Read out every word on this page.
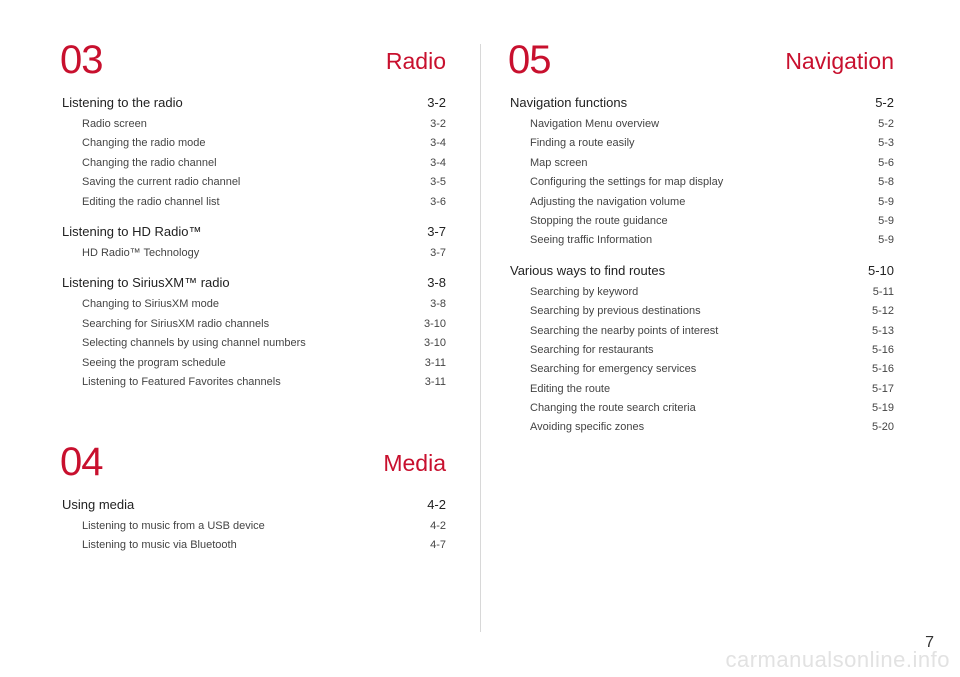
03	Radio
Listening to the radio	3-2
Radio screen	3-2
Changing the radio mode	3-4
Changing the radio channel	3-4
Saving the current radio channel	3-5
Editing the radio channel list	3-6
Listening to HD Radio™	3-7
HD Radio™ Technology	3-7
Listening to SiriusXM™ radio	3-8
Changing to SiriusXM mode	3-8
Searching for SiriusXM radio channels	3-10
Selecting channels by using channel numbers	3-10
Seeing the program schedule	3-11
Listening to Featured Favorites channels	3-11
04	Media
Using media	4-2
Listening to music from a USB device	4-2
Listening to music via Bluetooth	4-7
05	Navigation
Navigation functions	5-2
Navigation Menu overview	5-2
Finding a route easily	5-3
Map screen	5-6
Configuring the settings for map display	5-8
Adjusting the navigation volume	5-9
Stopping the route guidance	5-9
Seeing traffic Information	5-9
Various ways to find routes	5-10
Searching by keyword	5-11
Searching by previous destinations	5-12
Searching the nearby points of interest	5-13
Searching for restaurants	5-16
Searching for emergency services	5-16
Editing the route	5-17
Changing the route search criteria	5-19
Avoiding specific zones	5-20
7
carmanualsonline.info
